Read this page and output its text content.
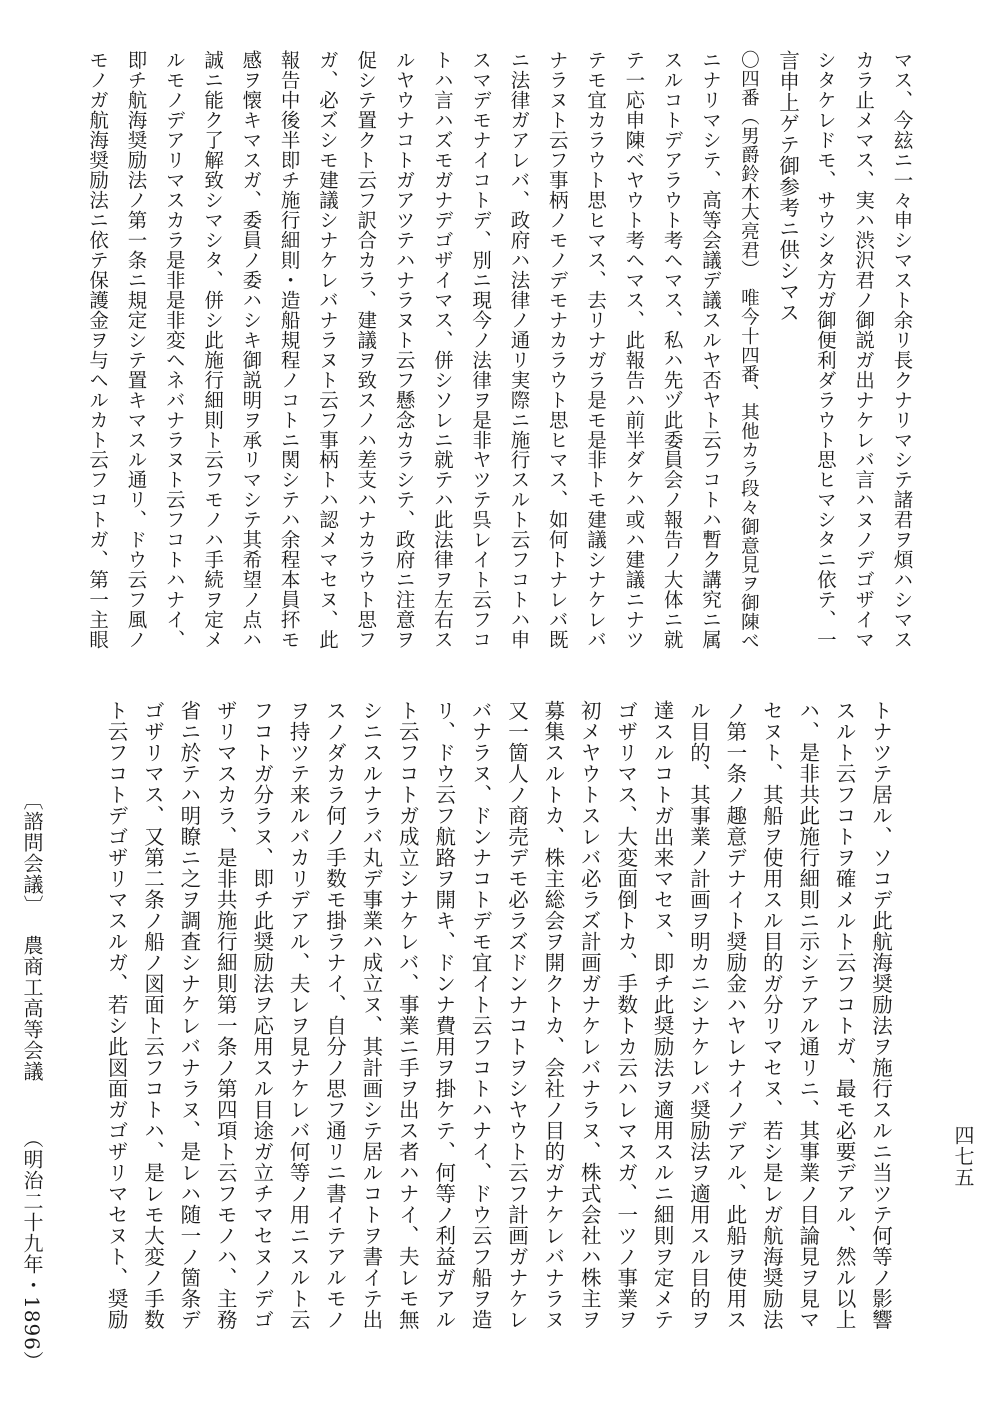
マス、今玆ニ一々申シマスト余リ長クナリマシテ諸君ヲ煩ハシマス
カラ止メマス、実ハ渋沢君ノ御説ガ出ナケレバ言ハヌノデゴザイマ
シタケレドモ、サウシタ方ガ御便利ダラウト思ヒマシタニ依テ、一
言申上ゲテ御参考ニ供シマス
〇四番（男爵鈴木大亮君）　唯今十四番、其他カラ段々御意見ヲ御陳べ
ニナリマシテ、高等会議デ議スルヤ否ヤト云フコトハ暫ク講究ニ属
スルコトデアラウト考ヘマス、私ハ先ヅ此委員会ノ報告ノ大体ニ就
テ一応申陳ベヤウト考ヘマス、此報告ハ前半ダケハ或ハ建議ニナツ
テモ宜カラウト思ヒマス、去リナガラ是モ是非トモ建議シナケレバ
ナラヌト云フ事柄ノモノデモナカラウト思ヒマス、如何トナレバ既
ニ法律ガアレバ、政府ハ法律ノ通リ実際ニ施行スルト云フコトハ申
スマデモナイコトデ、別ニ現今ノ法律ヲ是非ヤツテ呉レイト云フコ
トハ言ハズモガナデゴザイマス、併シソレニ就テハ此法律ヲ左右ス
ルヤウナコトガアツテハナラヌト云フ懸念カラシテ、政府ニ注意ヲ
促シテ置クト云フ訳合カラ、建議ヲ致スノハ差支ハナカラウト思フ
ガ、必ズシモ建議シナケレバナラヌト云フ事柄トハ認メマセヌ、此
報告中後半即チ施行細則・造船規程ノコトニ関シテハ余程本員抔モ
感ヲ懐キマスガ、委員ノ委ハシキ御説明ヲ承リマシテ其希望ノ点ハ
誠ニ能ク了解致シマシタ、併シ此施行細則ト云フモノハ手続ヲ定メ
ルモノデアリマスカラ是非是非変ヘネバナラヌト云フコトハナイ、
即チ航海奨励法ノ第一条ニ規定シテ置キマスル通リ、ドウ云フ風ノ
モノガ航海奨励法ニ依テ保護金ヲ与ヘルカト云フコトガ、第一主眼
トナツテ居ル、ソコデ此航海奨励法ヲ施行スルニ当ツテ何等ノ影響
スルト云フコトヲ確メルト云フコトガ、最モ必要デアル、然ル以上
ハ、是非共此施行細則ニ示シテアル通リニ、其事業ノ目論見ヲ見マ
セヌト、其船ヲ使用スル目的ガ分リマセヌ、若シ是レガ航海奨励法
ノ第一条ノ趣意デナイト奨励金ハヤレナイノデアル、此船ヲ使用ス
ル目的、其事業ノ計画ヲ明カニシナケレバ奨励法ヲ適用スル目的ヲ
達スルコトガ出来マセヌ、即チ此奨励法ヲ適用スルニ細則ヲ定メテ
ゴザリマス、大変面倒トカ、手数トカ云ハレマスガ、一ツノ事業ヲ
初メヤウトスレバ必ラズ計画ガナケレバナラヌ、株式会社ハ株主ヲ
募集スルトカ、株主総会ヲ開クトカ、会社ノ目的ガナケレバナラヌ
又一箇人ノ商売デモ必ラズドンナコトヲシヤウト云フ計画ガナケレ
バナラヌ、ドンナコトデモ宜イト云フコトハナイ、ドウ云フ船ヲ造
リ、ドウ云フ航路ヲ開キ、ドンナ費用ヲ掛ケテ、何等ノ利益ガアル
ト云フコトガ成立シナケレバ、事業ニ手ヲ出ス者ハナイ、夫レモ無
シニスルナラバ丸デ事業ハ成立ヌ、其計画シテ居ルコトヲ書イテ出
スノダカラ何ノ手数モ掛ラナイ、自分ノ思フ通リニ書イテアルモノ
ヲ持ツテ来ルバカリデアル、夫レヲ見ナケレバ何等ノ用ニスルト云
フコトガ分ラヌ、即チ此奨励法ヲ応用スル目途ガ立チマセヌノデゴ
ザリマスカラ、是非共施行細則第一条ノ第四項ト云フモノハ、主務
省ニ於テハ明瞭ニ之ヲ調査シナケレバナラヌ、是レハ随一ノ箇条デ
ゴザリマス、又第二条ノ船ノ図面ト云フコトハ、是レモ大変ノ手数
ト云フコトデゴザリマスルガ、若シ此図面ガゴザリマセヌト、奨励
〔諮問会議〕
農商工高等会議
（明治二十九年・1896）	四七五
